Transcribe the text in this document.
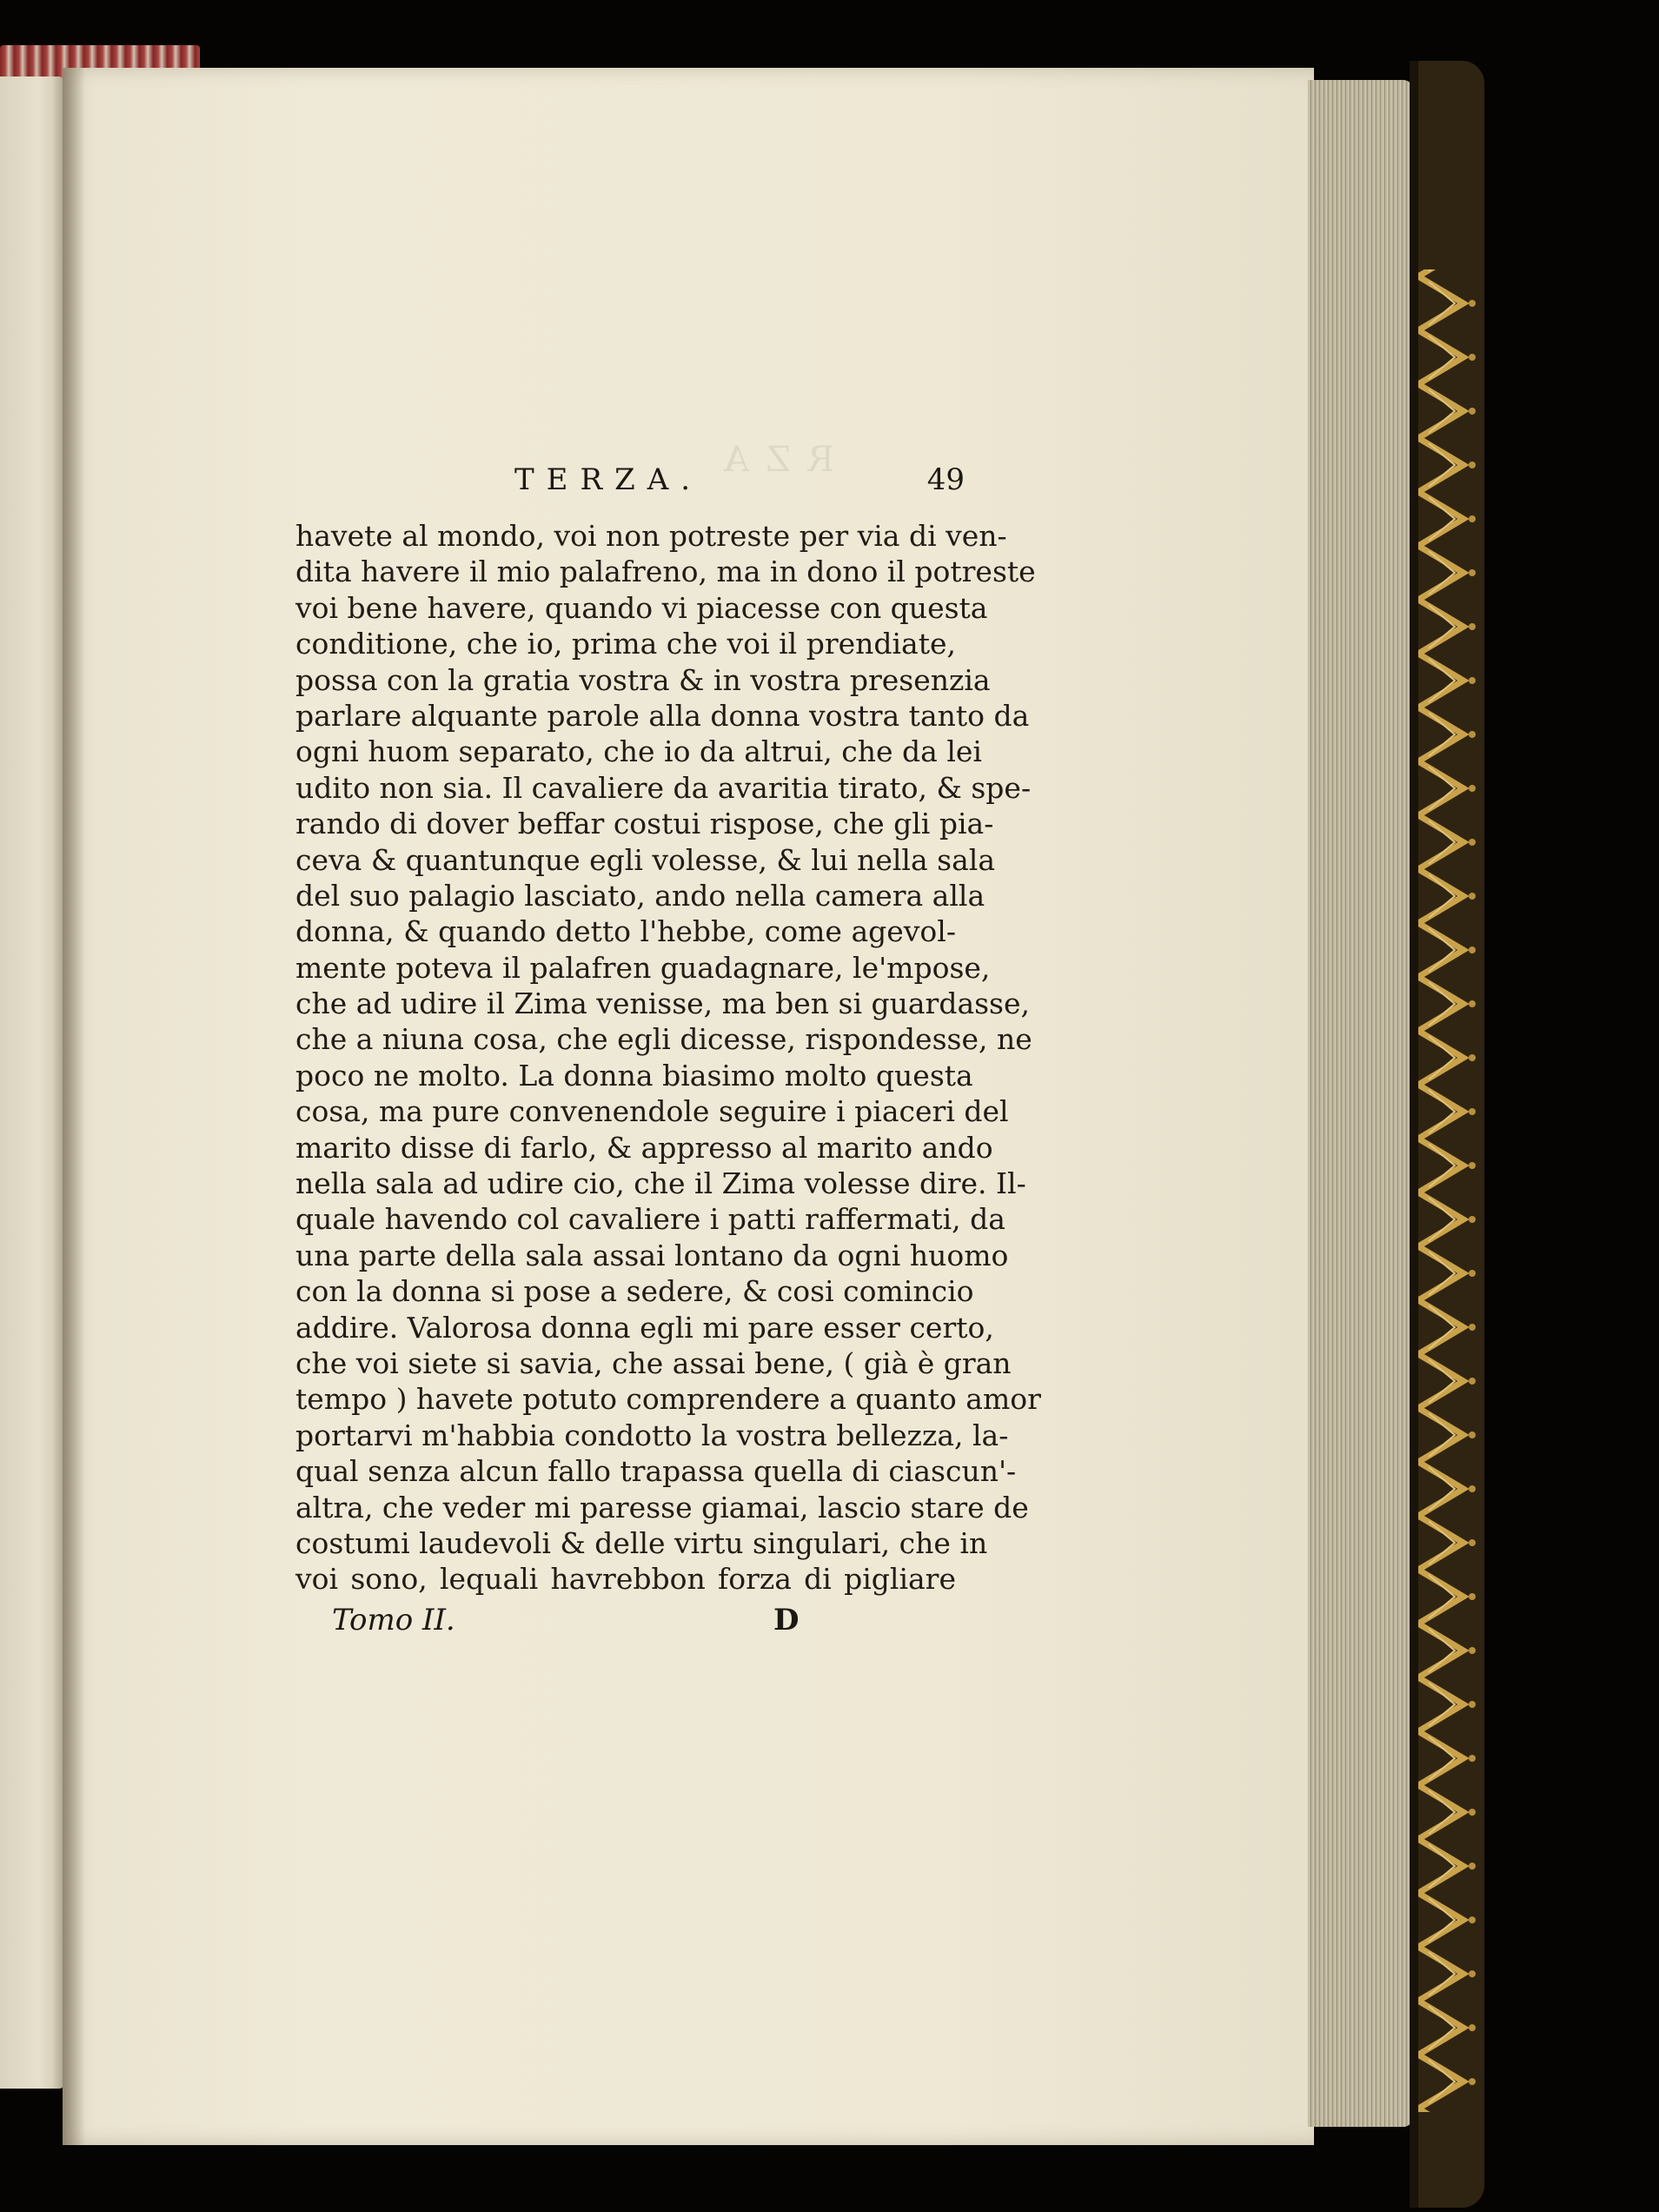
RZA
TERZA.	49
havete al mondo, voi non potreste per via di ven-
dita havere il mio palafreno, ma in dono il potreste
voi bene havere, quando vi piacesse con questa
conditione, che io, prima che voi il prendiate,
possa con la gratia vostra & in vostra presenzia
parlare alquante parole alla donna vostra tanto da
ogni huom separato, che io da altrui, che da lei
udito non sia. Il cavaliere da avaritia tirato, & spe-
rando di dover beffar costui rispose, che gli pia-
ceva & quantunque egli volesse, & lui nella sala
del suo palagio lasciato, ando nella camera alla
donna, & quando detto l'hebbe, come agevol-
mente poteva il palafren guadagnare, le'mpose,
che ad udire il Zima venisse, ma ben si guardasse,
che a niuna cosa, che egli dicesse, rispondesse, ne
poco ne molto. La donna biasimo molto questa
cosa, ma pure convenendole seguire i piaceri del
marito disse di farlo, & appresso al marito ando
nella sala ad udire cio, che il Zima volesse dire. Il-
quale havendo col cavaliere i patti raffermati, da
una parte della sala assai lontano da ogni huomo
con la donna si pose a sedere, & cosi comincio
addire. Valorosa donna egli mi pare esser certo,
che voi siete si savia, che assai bene, ( già è gran
tempo ) havete potuto comprendere a quanto amor
portarvi m'habbia condotto la vostra bellezza, la-
qual senza alcun fallo trapassa quella di ciascun'-
altra, che veder mi paresse giamai, lascio stare de
costumi laudevoli & delle virtu singulari, che in
voi sono, lequali havrebbon forza di pigliare
Tomo II.	D
